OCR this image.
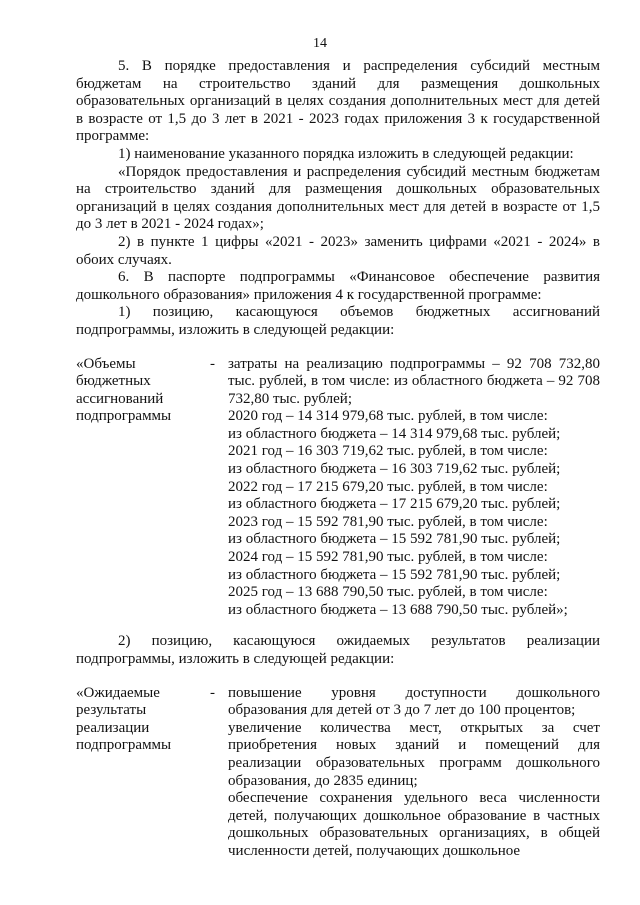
14

5. В порядке предоставления и распределения субсидий местным бюджетам на строительство зданий для размещения дошкольных образовательных организаций в целях создания дополнительных мест для детей в возрасте от 1,5 до 3 лет в 2021 - 2023 годах приложения 3 к государственной программе:

1) наименование указанного порядка изложить в следующей редакции:

«Порядок предоставления и распределения субсидий местным бюджетам на строительство зданий для размещения дошкольных образовательных организаций в целях создания дополнительных мест для детей в возрасте от 1,5 до 3 лет в 2021 - 2024 годах»;

2) в пункте 1 цифры «2021 - 2023» заменить цифрами «2021 - 2024» в обоих случаях.

6. В паспорте подпрограммы «Финансовое обеспечение развития дошкольного образования» приложения 4 к государственной программе:

1) позицию, касающуюся объемов бюджетных ассигнований подпрограммы, изложить в следующей редакции:

«Объемы бюджетных ассигнований подпрограммы
- затраты на реализацию подпрограммы – 92 708 732,80 тыс. рублей, в том числе: из областного бюджета – 92 708 732,80 тыс. рублей;

2020 год – 14 314 979,68 тыс. рублей, в том числе:

из областного бюджета – 14 314 979,68 тыс. рублей;

2021 год – 16 303 719,62 тыс. рублей, в том числе:

из областного бюджета – 16 303 719,62 тыс. рублей;

2022 год – 17 215 679,20 тыс. рублей, в том числе:

из областного бюджета – 17 215 679,20 тыс. рублей;

2023 год – 15 592 781,90 тыс. рублей, в том числе:

из областного бюджета – 15 592 781,90 тыс. рублей;

2024 год – 15 592 781,90 тыс. рублей, в том числе:

из областного бюджета – 15 592 781,90 тыс. рублей;

2025 год – 13 688 790,50 тыс. рублей, в том числе:

из областного бюджета – 13 688 790,50 тыс. рублей»;

2) позицию, касающуюся ожидаемых результатов реализации подпрограммы, изложить в следующей редакции:

«Ожидаемые результаты реализации подпрограммы
- повышение уровня доступности дошкольного образования для детей от 3 до 7 лет до 100 процентов;

увеличение количества мест, открытых за счет приобретения новых зданий и помещений для реализации образовательных программ дошкольного образования, до 2835 единиц;

обеспечение сохранения удельного веса численности детей, получающих дошкольное образование в частных дошкольных образовательных организациях, в общей численности детей, получающих дошкольное
